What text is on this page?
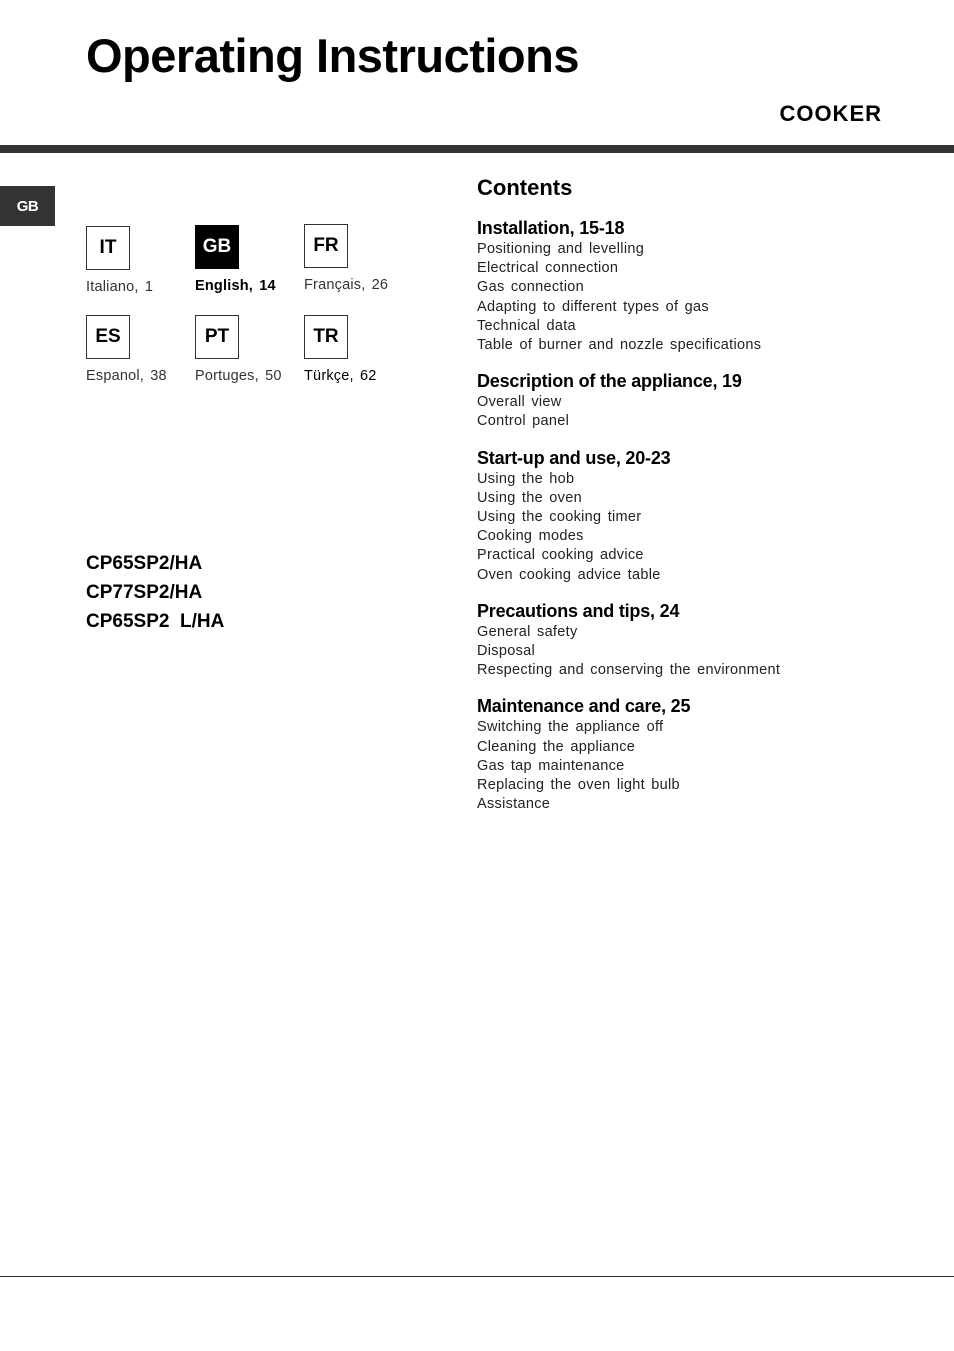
Operating Instructions
COOKER
GB
IT
Italiano, 1
GB
English, 14
FR
Français, 26
ES
Espanol, 38
PT
Portuges, 50
TR
Türkçe, 62
CP65SP2/HA
CP77SP2/HA
CP65SP2  L/HA
Contents
Installation, 15-18
Positioning and levelling
Electrical connection
Gas connection
Adapting to different types of gas
Technical data
Table of burner and nozzle specifications
Description of the appliance, 19
Overall view
Control panel
Start-up and use, 20-23
Using the hob
Using the oven
Using the cooking timer
Cooking modes
Practical cooking advice
Oven cooking advice table
Precautions and tips, 24
General safety
Disposal
Respecting and conserving the environment
Maintenance and care, 25
Switching the appliance off
Cleaning the appliance
Gas tap maintenance
Replacing the oven light bulb
Assistance
